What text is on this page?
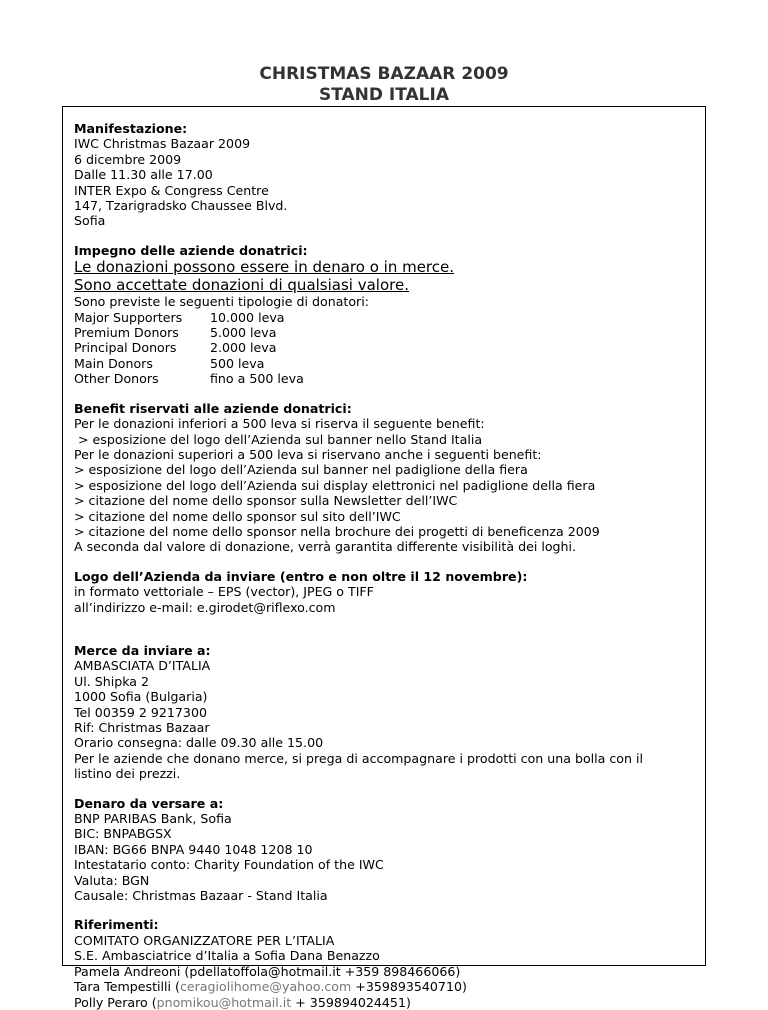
CHRISTMAS BAZAAR 2009
STAND ITALIA
Manifestazione:
IWC Christmas Bazaar 2009
6 dicembre 2009
Dalle 11.30 alle 17.00
INTER Expo & Congress Centre
147, Tzarigradsko Chaussee Blvd.
Sofia
Impegno delle aziende donatrici:
Le donazioni possono essere in denaro o in merce.
Sono accettate donazioni di qualsiasi valore.
Sono previste le seguenti tipologie di donatori:
Major Supporters	10.000 leva
Premium Donors	5.000 leva
Principal Donors	2.000 leva
Main Donors	500 leva
Other Donors	fino a 500 leva
Benefit riservati alle aziende donatrici:
Per le donazioni inferiori a 500 leva si riserva il seguente benefit:
> esposizione del logo dell’Azienda sul banner nello Stand Italia
Per le donazioni superiori a 500 leva si riservano anche i seguenti benefit:
> esposizione del logo dell’Azienda sul banner nel padiglione della fiera
> esposizione del logo dell’Azienda sui display elettronici nel padiglione della fiera
> citazione del nome dello sponsor sulla Newsletter dell’IWC
> citazione del nome dello sponsor sul sito dell’IWC
> citazione del nome dello sponsor nella brochure dei progetti di beneficenza 2009
A seconda dal valore di donazione, verrà garantita differente visibilità dei loghi.
Logo dell’Azienda da inviare (entro e non oltre il 12 novembre):
in formato vettoriale – EPS (vector), JPEG o TIFF
all’indirizzo e-mail: e.girodet@riflexo.com
Merce da inviare a:
AMBASCIATA D’ITALIA
Ul. Shipka 2
1000 Sofia (Bulgaria)
Tel 00359 2 9217300
Rif: Christmas Bazaar
Orario consegna: dalle 09.30 alle 15.00
Per le aziende che donano merce, si prega di accompagnare i prodotti con una bolla con il listino dei prezzi.
Denaro da versare a:
BNP PARIBAS Bank, Sofia
BIC: BNPABGSX
IBAN: BG66 BNPA 9440 1048 1208 10
Intestatario conto: Charity Foundation of the IWC
Valuta: BGN
Causale: Christmas Bazaar - Stand Italia
Riferimenti:
COMITATO ORGANIZZATORE PER L’ITALIA
S.E. Ambasciatrice d’Italia a Sofia Dana Benazzo
Pamela Andreoni (pdellatoffola@hotmail.it +359 898466066)
Tara Tempestilli (ceragiolihome@yahoo.com +359893540710)
Polly Peraro (pnomikou@hotmail.it + 359894024451)
